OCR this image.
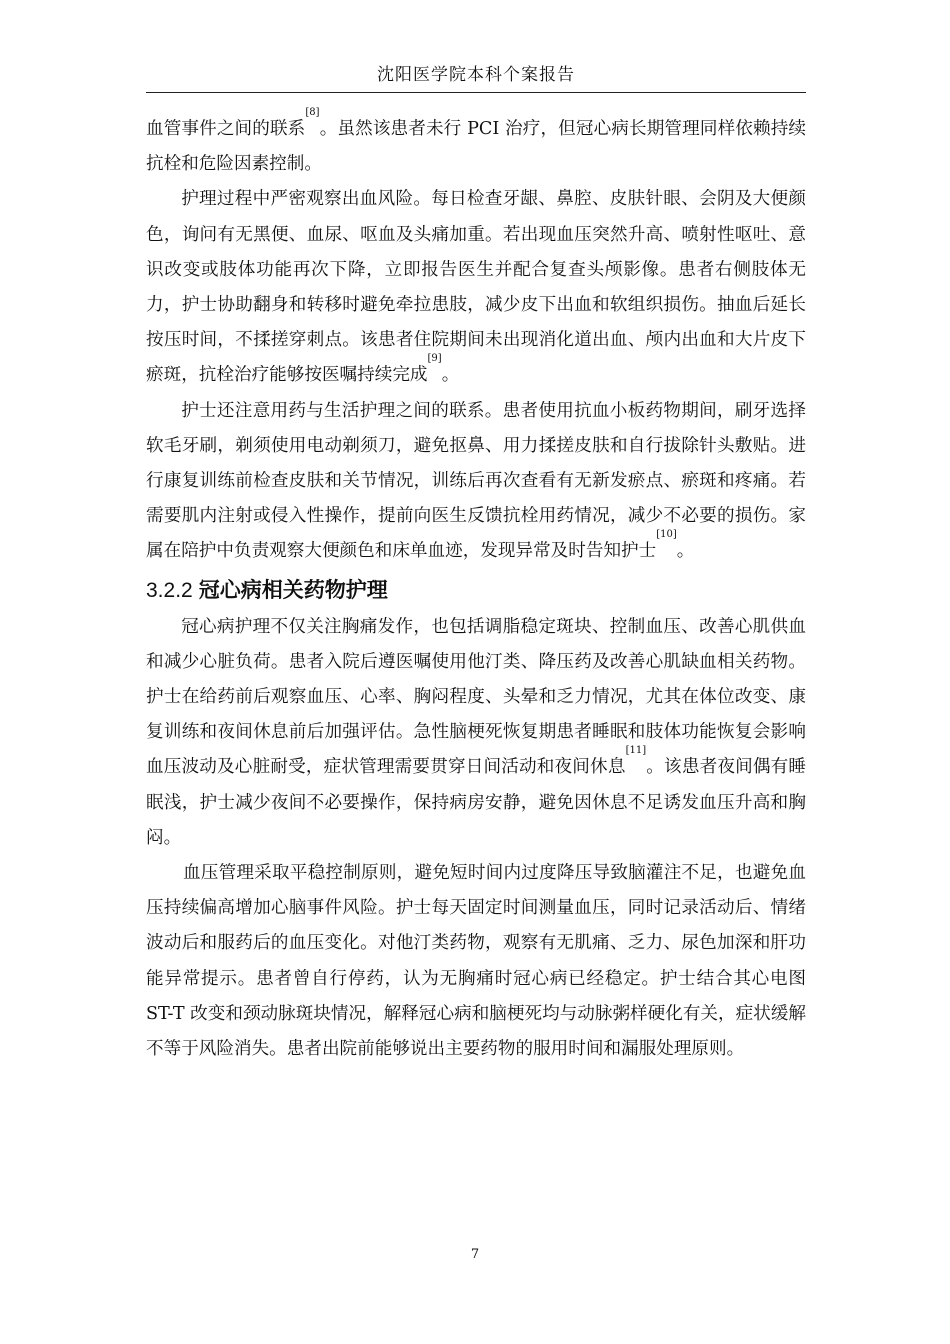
沈阳医学院本科个案报告

血管事件之间的联系[8]。虽然该患者未行 PCI 治疗，但冠心病长期管理同样依赖持续抗栓和危险因素控制。

护理过程中严密观察出血风险。每日检查牙龈、鼻腔、皮肤针眼、会阴及大便颜色，询问有无黑便、血尿、呕血及头痛加重。若出现血压突然升高、喷射性呕吐、意识改变或肢体功能再次下降，立即报告医生并配合复查头颅影像。患者右侧肢体无力，护士协助翻身和转移时避免牵拉患肢，减少皮下出血和软组织损伤。抽血后延长按压时间，不揉搓穿刺点。该患者住院期间未出现消化道出血、颅内出血和大片皮下瘀斑，抗栓治疗能够按医嘱持续完成[9]。

护士还注意用药与生活护理之间的联系。患者使用抗血小板药物期间，刷牙选择软毛牙刷，剃须使用电动剃须刀，避免抠鼻、用力揉搓皮肤和自行拔除针头敷贴。进行康复训练前检查皮肤和关节情况，训练后再次查看有无新发瘀点、瘀斑和疼痛。若需要肌内注射或侵入性操作，提前向医生反馈抗栓用药情况，减少不必要的损伤。家属在陪护中负责观察大便颜色和床单血迹，发现异常及时告知护士[10]。

3.2.2 冠心病相关药物护理

冠心病护理不仅关注胸痛发作，也包括调脂稳定斑块、控制血压、改善心肌供血和减少心脏负荷。患者入院后遵医嘱使用他汀类、降压药及改善心肌缺血相关药物。护士在给药前后观察血压、心率、胸闷程度、头晕和乏力情况，尤其在体位改变、康复训练和夜间休息前后加强评估。急性脑梗死恢复期患者睡眠和肢体功能恢复会影响血压波动及心脏耐受，症状管理需要贯穿日间活动和夜间休息[11]。该患者夜间偶有睡眠浅，护士减少夜间不必要操作，保持病房安静，避免因休息不足诱发血压升高和胸闷。

血压管理采取平稳控制原则，避免短时间内过度降压导致脑灌注不足，也避免血压持续偏高增加心脑事件风险。护士每天固定时间测量血压，同时记录活动后、情绪波动后和服药后的血压变化。对他汀类药物，观察有无肌痛、乏力、尿色加深和肝功能异常提示。患者曾自行停药，认为无胸痛时冠心病已经稳定。护士结合其心电图 ST-T 改变和颈动脉斑块情况，解释冠心病和脑梗死均与动脉粥样硬化有关，症状缓解不等于风险消失。患者出院前能够说出主要药物的服用时间和漏服处理原则。

7
